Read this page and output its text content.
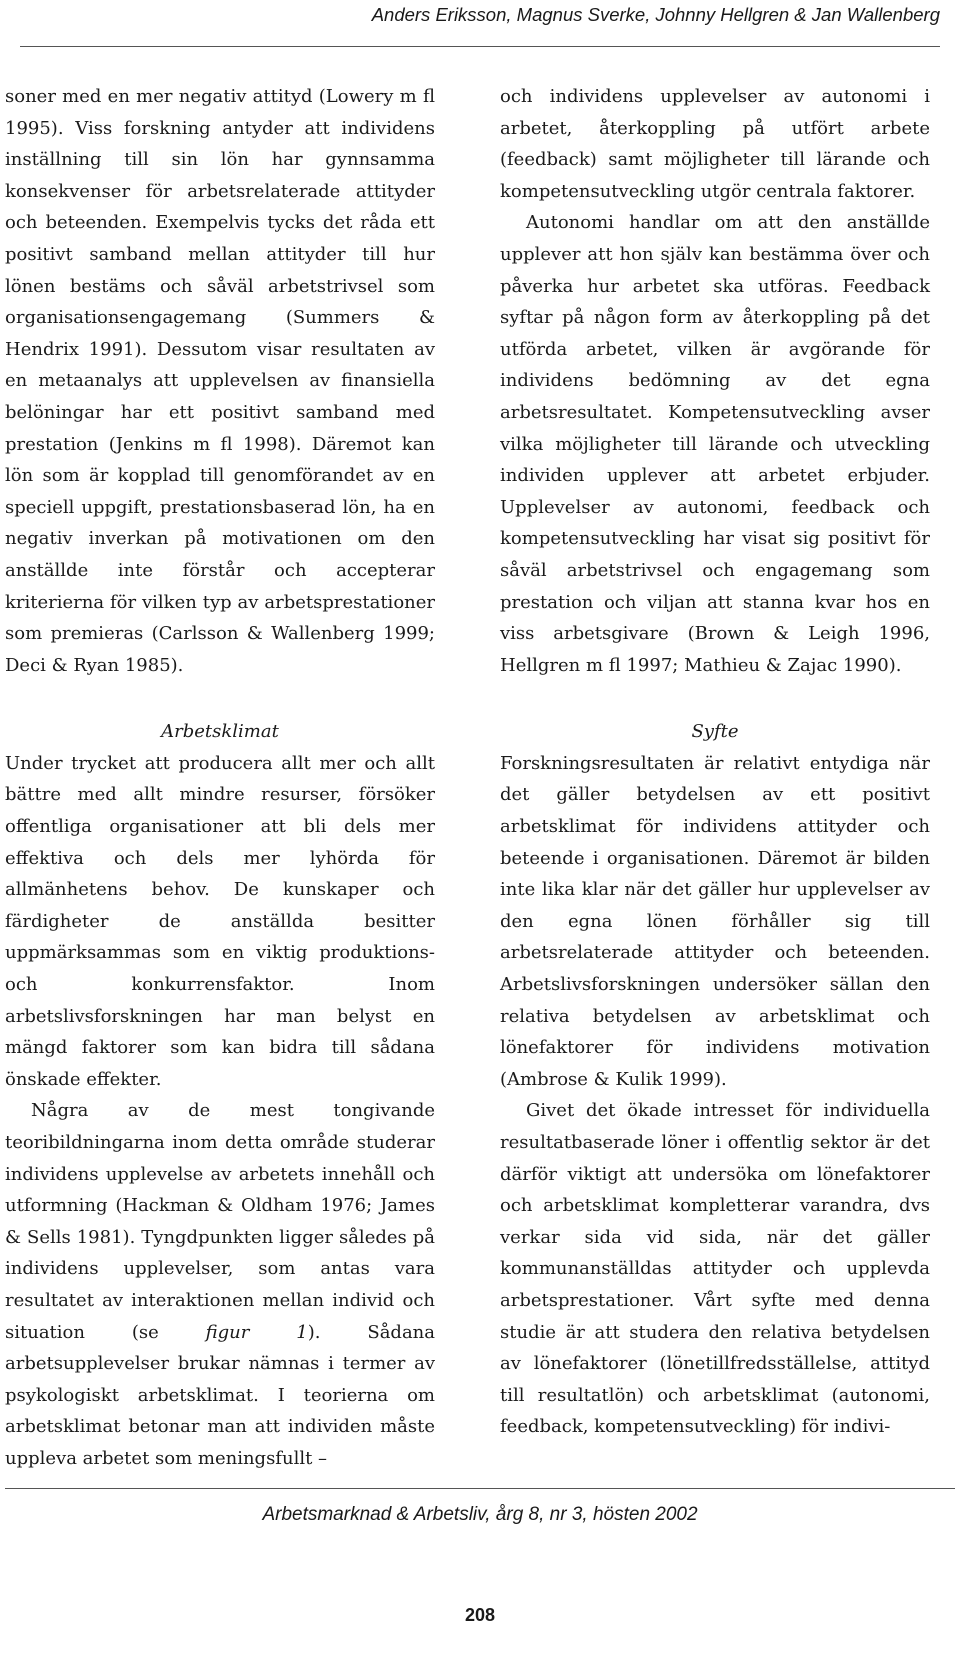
Anders Eriksson, Magnus Sverke, Johnny Hellgren & Jan Wallenberg

soner med en mer negativ attityd (Lowery m fl 1995). Viss forskning antyder att individens inställning till sin lön har gynnsamma konsekvenser för arbetsrelaterade attityder och beteenden. Exempelvis tycks det råda ett positivt samband mellan attityder till hur lönen bestäms och såväl arbetstrivsel som organisationsengagemang (Summers & Hendrix 1991). Dessutom visar resultaten av en metaanalys att upplevelsen av finansiella belöningar har ett positivt samband med prestation (Jenkins m fl 1998). Däremot kan lön som är kopplad till genomförandet av en speciell uppgift, prestationsbaserad lön, ha en negativ inverkan på motivationen om den anställde inte förstår och accepterar kriterierna för vilken typ av arbetsprestationer som premieras (Carlsson & Wallenberg 1999; Deci & Ryan 1985).

Arbetsklimat

Under trycket att producera allt mer och allt bättre med allt mindre resurser, försöker offentliga organisationer att bli dels mer effektiva och dels mer lyhörda för allmänhetens behov. De kunskaper och färdigheter de anställda besitter uppmärksammas som en viktig produktions- och konkurrensfaktor. Inom arbetslivsforskningen har man belyst en mängd faktorer som kan bidra till sådana önskade effekter.

Några av de mest tongivande teoribildningarna inom detta område studerar individens upplevelse av arbetets innehåll och utformning (Hackman & Oldham 1976; James & Sells 1981). Tyngdpunkten ligger således på individens upplevelser, som antas vara resultatet av interaktionen mellan individ och situation (se figur 1). Sådana arbetsupplevelser brukar nämnas i termer av psykologiskt arbetsklimat. I teorierna om arbetsklimat betonar man att individen måste uppleva arbetet som meningsfullt –

och individens upplevelser av autonomi i arbetet, återkoppling på utfört arbete (feedback) samt möjligheter till lärande och kompetensutveckling utgör centrala faktorer.

Autonomi handlar om att den anställde upplever att hon själv kan bestämma över och påverka hur arbetet ska utföras. Feedback syftar på någon form av återkoppling på det utförda arbetet, vilken är avgörande för individens bedömning av det egna arbetsresultatet. Kompetensutveckling avser vilka möjligheter till lärande och utveckling individen upplever att arbetet erbjuder. Upplevelser av autonomi, feedback och kompetensutveckling har visat sig positivt för såväl arbetstrivsel och engagemang som prestation och viljan att stanna kvar hos en viss arbetsgivare (Brown & Leigh 1996, Hellgren m fl 1997; Mathieu & Zajac 1990).

Syfte

Forskningsresultaten är relativt entydiga när det gäller betydelsen av ett positivt arbetsklimat för individens attityder och beteende i organisationen. Däremot är bilden inte lika klar när det gäller hur upplevelser av den egna lönen förhåller sig till arbetsrelaterade attityder och beteenden. Arbetslivsforskningen undersöker sällan den relativa betydelsen av arbetsklimat och lönefaktorer för individens motivation (Ambrose & Kulik 1999).

Givet det ökade intresset för individuella resultatbaserade löner i offentlig sektor är det därför viktigt att undersöka om lönefaktorer och arbetsklimat kompletterar varandra, dvs verkar sida vid sida, när det gäller kommunanställdas attityder och upplevda arbetsprestationer. Vårt syfte med denna studie är att studera den relativa betydelsen av lönefaktorer (lönetillfredsställelse, attityd till resultatlön) och arbetsklimat (autonomi, feedback, kompetensutveckling) för indivi-

Arbetsmarknad & Arbetsliv, årg 8, nr 3, hösten 2002
208
